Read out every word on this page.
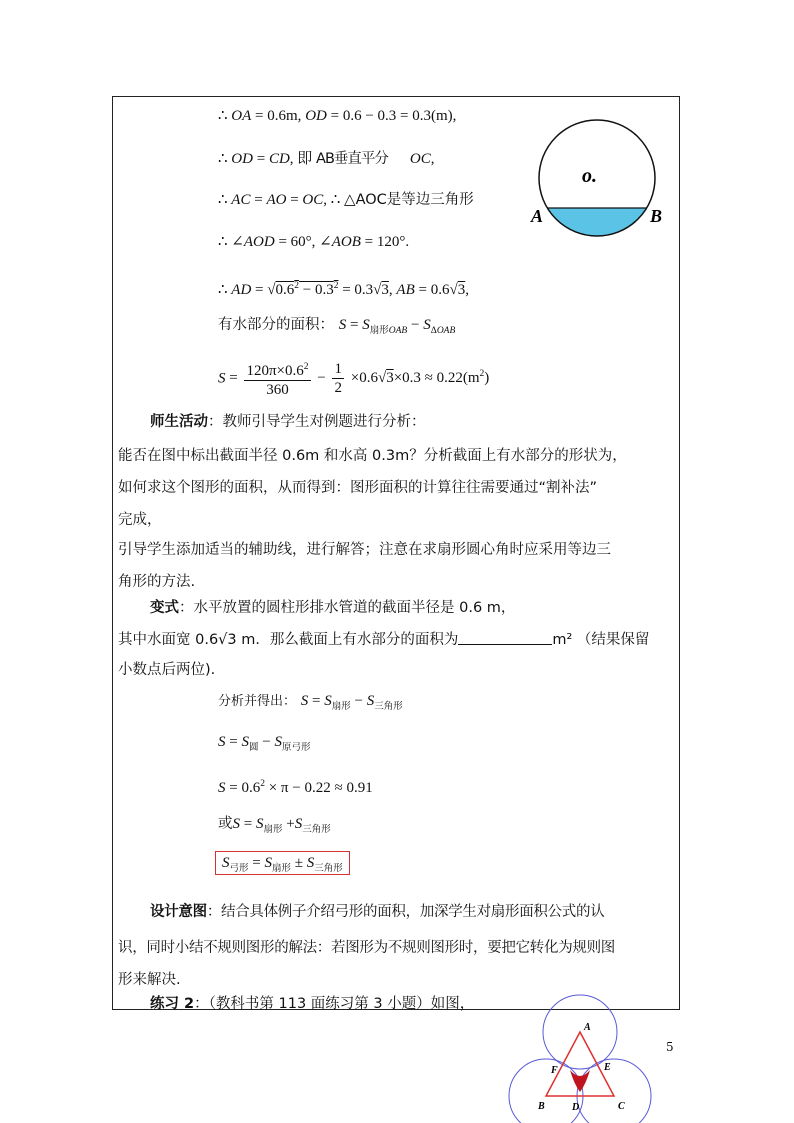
∴ OA = 0.6m, OD = 0.6 − 0.3 = 0.3(m),
∴ OD = CD, 即 AB垂直平分 OC,
∴ AC = AO = OC, ∴ △AOC是等边三角形
∴ ∠AOD = 60°, ∠AOB = 120°.
∴ AD = $√0.6^2 - 0.3^2 = 0.3√3$, AB = 0.6√3,
有水部分的面积： $S = S_{扇形OAB} - S_{\Delta OAB}$
$S = \frac{120\pi\times 0.6^2}{360} - \frac{1}{2} \times 0.6√3\times 0.3 \approx 0.22(m^2)$
师生活动：教师引导学生对例题进行分析：
能否在图中标出截面半径 0.6m 和水高 0.3m？分析截面上有水部分的形状为，
如何求这个图形的面积，从而得到：图形面积的计算往往需要通过“割补法”
完成，
引导学生添加适当的辅助线，进行解答；注意在求扇形圆心角时应采用等边三
角形的方法.
变式：水平放置的圆柱形排水管道的截面半径是 0.6 m，
其中水面宽 0.6√3 m．那么截面上有水部分的面积为	m² （结果保留
小数点后两位).
分析并得出： $S = S_{扇形} - S_{三角形}$
$S = S_圆 - S_{原弓形}$
$S = 0.6^2 \times \pi - 0.22 \approx 0.91$
或$S = S_{扇形} +S_{三角形}$
$S_{弓形} = S_{扇形} \pm S_{三角形}$
设计意图：结合具体例子介绍弓形的面积，加深学生对扇形面积公式的认
识，同时小结不规则图形的解法：若图形为不规则图形时，要把它转化为规则图
形来解决.
练习 2：（教科书第 113 面练习第 3 小题）如图，
o.
A	B
A
F	E
B	D	C
5
